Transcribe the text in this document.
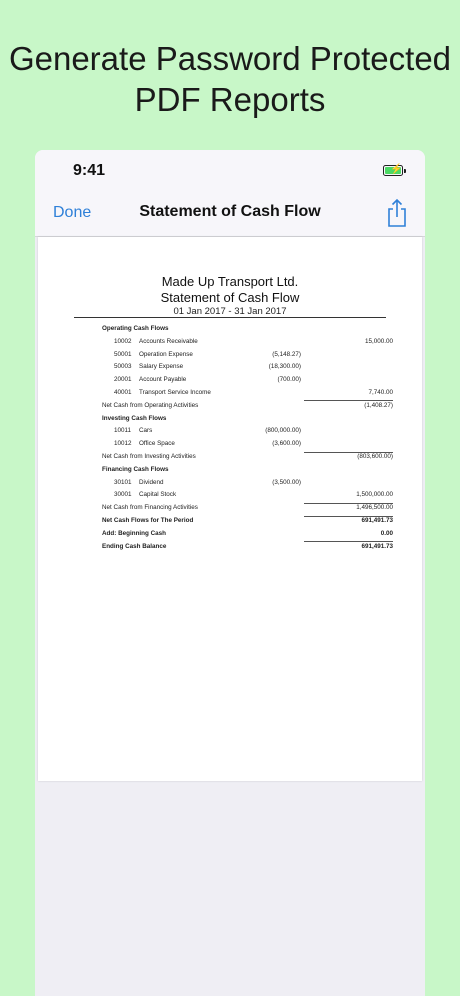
Generate Password Protected
PDF Reports
9:41	⚡
Done	Statement of Cash Flow
Made Up Transport Ltd.
Statement of Cash Flow
01 Jan 2017 - 31 Jan 2017
Operating Cash Flows
10002 Accounts Receivable	15,000.00
50001 Operation Expense	(5,148.27)
50003 Salary Expense	(18,300.00)
20001 Account Payable	(700.00)
40001 Transport Service Income	7,740.00
Net Cash from Operating Activities	(1,408.27)
Investing Cash Flows
10011 Cars	(800,000.00)
10012 Office Space	(3,600.00)
Net Cash from Investing Activities	(803,600.00)
Financing Cash Flows
30101 Dividend	(3,500.00)
30001 Capital Stock	1,500,000.00
Net Cash from Financing Activities	1,496,500.00
Net Cash Flows for The Period	691,491.73
Add: Beginning Cash	0.00
Ending Cash Balance	691,491.73
